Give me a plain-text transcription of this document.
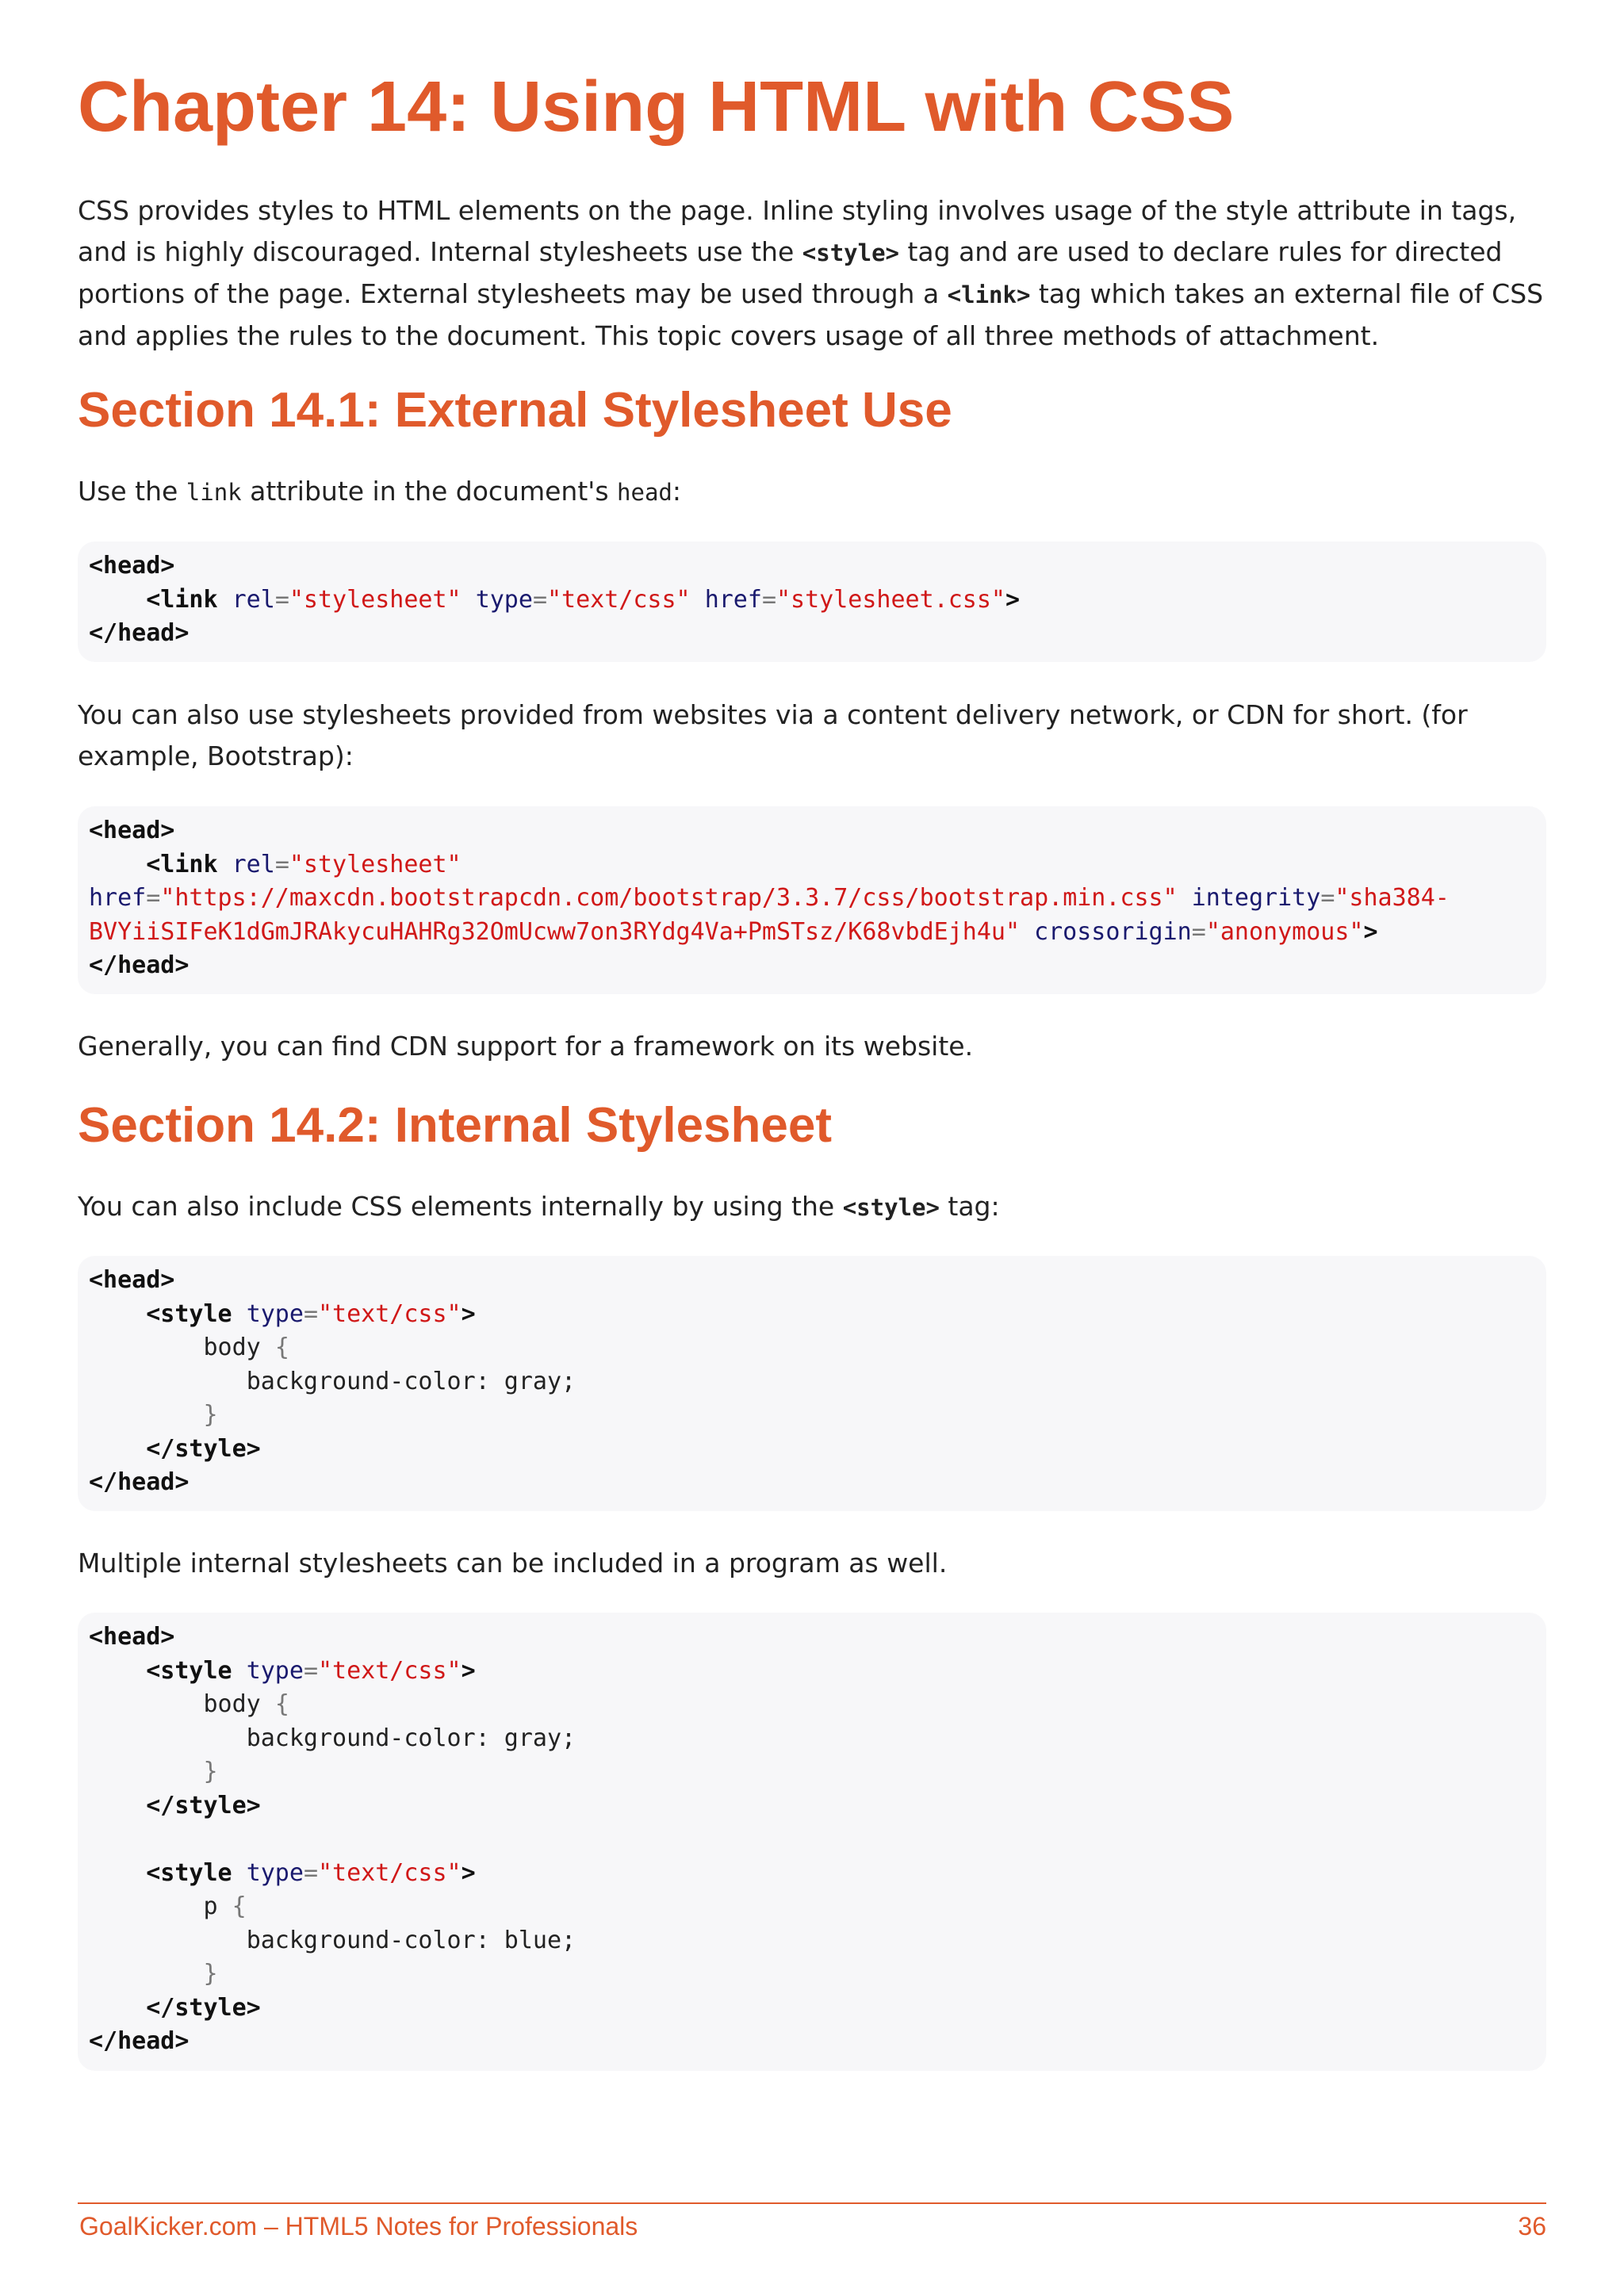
Chapter 14: Using HTML with CSS

CSS provides styles to HTML elements on the page. Inline styling involves usage of the style attribute in tags, and is highly discouraged. Internal stylesheets use the <style> tag and are used to declare rules for directed portions of the page. External stylesheets may be used through a <link> tag which takes an external file of CSS and applies the rules to the document. This topic covers usage of all three methods of attachment.

Section 14.1: External Stylesheet Use

Use the link attribute in the document's head:

<head>
<link rel="stylesheet" type="text/css" href="stylesheet.css">
</head>

You can also use stylesheets provided from websites via a content delivery network, or CDN for short. (for example, Bootstrap):

<head>
<link rel="stylesheet"
href="https://maxcdn.bootstrapcdn.com/bootstrap/3.3.7/css/bootstrap.min.css" integrity="sha384-
BVYiiSIFeK1dGmJRAkycuHAHRg32OmUcww7on3RYdg4Va+PmSTsz/K68vbdEjh4u" crossorigin="anonymous">
</head>

Generally, you can find CDN support for a framework on its website.

Section 14.2: Internal Stylesheet

You can also include CSS elements internally by using the <style> tag:

<head>
<style type="text/css">
body {
background-color: gray;
}
</style>
</head>

Multiple internal stylesheets can be included in a program as well.

<head>
<style type="text/css">
body {
background-color: gray;
}
</style>

<style type="text/css">
p {
background-color: blue;
}
</style>
</head>
GoalKicker.com – HTML5 Notes for Professionals	36
